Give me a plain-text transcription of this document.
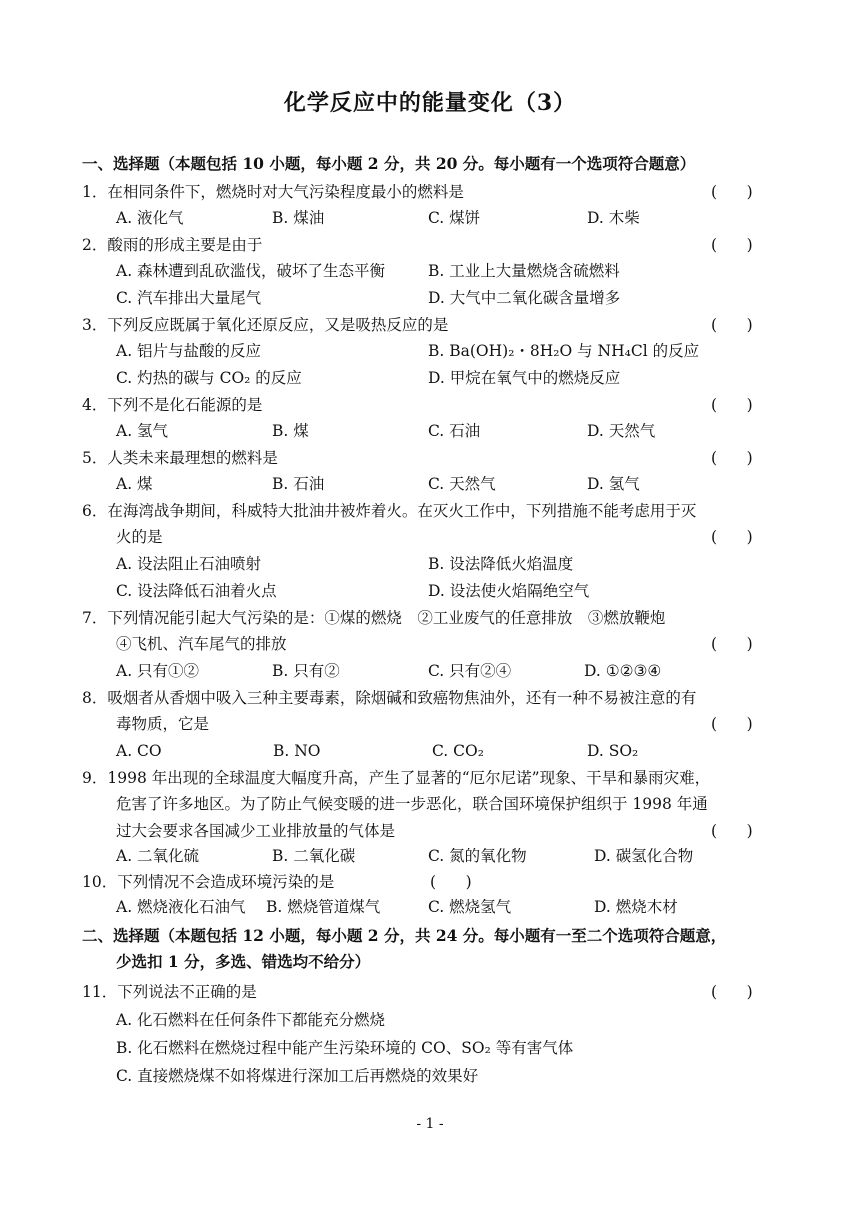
化学反应中的能量变化（3）
一、选择题（本题包括 10 小题，每小题 2 分，共 20 分。每小题有一个选项符合题意）
1．在相同条件下，燃烧时对大气污染程度最小的燃料是	(      )
A. 液化气	B. 煤油	C. 煤饼	D. 木柴
2．酸雨的形成主要是由于	(      )
A. 森林遭到乱砍滥伐，破坏了生态平衡	B. 工业上大量燃烧含硫燃料
C. 汽车排出大量尾气	D. 大气中二氧化碳含量增多
3．下列反应既属于氧化还原反应，又是吸热反应的是	(      )
A. 铝片与盐酸的反应	B. Ba(OH)₂・8H₂O 与 NH₄Cl 的反应
C. 灼热的碳与 CO₂ 的反应	D. 甲烷在氧气中的燃烧反应
4．下列不是化石能源的是	(      )
A. 氢气	B. 煤	C. 石油	D. 天然气
5．人类未来最理想的燃料是	(      )
A. 煤	B. 石油	C. 天然气	D. 氢气
6．在海湾战争期间，科威特大批油井被炸着火。在灭火工作中，下列措施不能考虑用于灭
火的是	(      )
A. 设法阻止石油喷射	B. 设法降低火焰温度
C. 设法降低石油着火点	D. 设法使火焰隔绝空气
7．下列情况能引起大气污染的是：①煤的燃烧　②工业废气的任意排放　③燃放鞭炮
④飞机、汽车尾气的排放	(      )
A. 只有①②	B. 只有②	C. 只有②④	D. ①②③④
8．吸烟者从香烟中吸入三种主要毒素，除烟碱和致癌物焦油外，还有一种不易被注意的有
毒物质，它是	(      )
A. CO	B. NO	C. CO₂	D. SO₂
9．1998 年出现的全球温度大幅度升高，产生了显著的“厄尔尼诺”现象、干旱和暴雨灾难，
危害了许多地区。为了防止气候变暖的进一步恶化，联合国环境保护组织于 1998 年通
过大会要求各国减少工业排放量的气体是	(      )
A. 二氧化硫	B. 二氧化碳	C. 氮的氧化物	D. 碳氢化合物
10．下列情况不会造成环境污染的是	(      )
A. 燃烧液化石油气 B. 燃烧管道煤气	C. 燃烧氢气	D. 燃烧木材
二、选择题（本题包括 12 小题，每小题 2 分，共 24 分。每小题有一至二个选项符合题意，
少选扣 1 分，多选、错选均不给分）
11．下列说法不正确的是	(      )
A. 化石燃料在任何条件下都能充分燃烧
B. 化石燃料在燃烧过程中能产生污染环境的 CO、SO₂ 等有害气体
C. 直接燃烧煤不如将煤进行深加工后再燃烧的效果好
- 1 -
